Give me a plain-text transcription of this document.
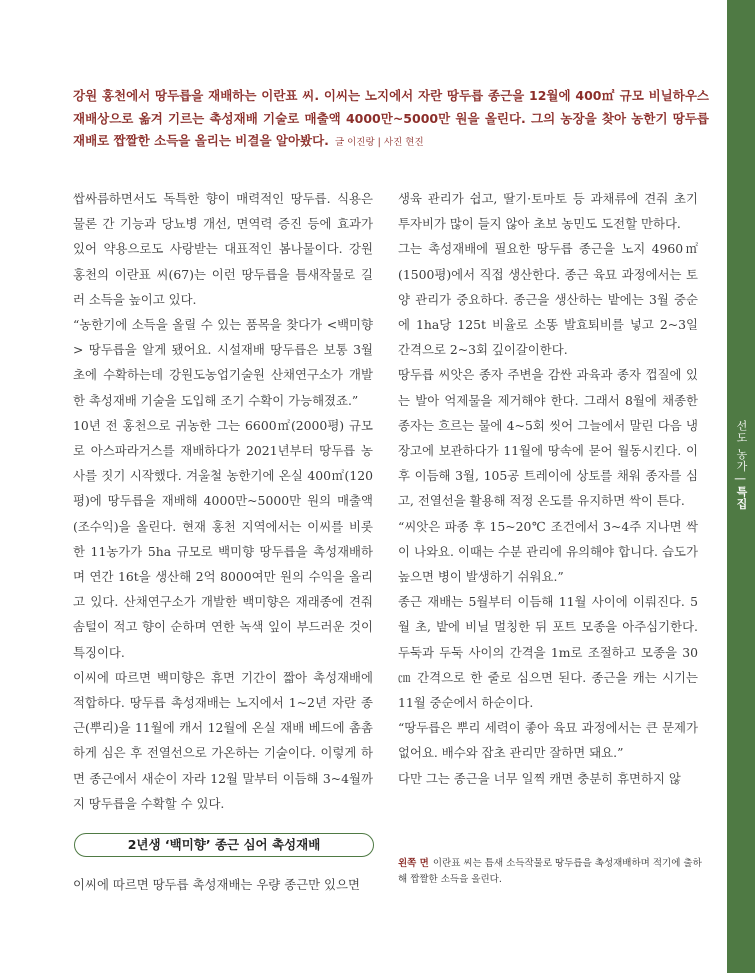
선도 농가

|

특집
강원 홍천에서 땅두릅을 재배하는 이란표 씨. 이씨는 노지에서 자란 땅두릅 종근을 12월에 400㎡ 규모 비닐하우스 재배상으로 옮겨 기르는 촉성재배 기술로 매출액 4000만~5000만 원을 올린다. 그의 농장을 찾아 농한기 땅두릅 재배로 짭짤한 소득을 올리는 비결을 알아봤다. 글 이진랑 | 사진 현진

쌉싸름하면서도 독특한 향이 매력적인 땅두릅. 식용은 물론 간 기능과 당뇨병 개선, 면역력 증진 등에 효과가 있어 약용으로도 사랑받는 대표적인 봄나물이다. 강원 홍천의 이란표 씨(67)는 이런 땅두릅을 틈새작물로 길러 소득을 높이고 있다.

“농한기에 소득을 올릴 수 있는 품목을 찾다가 <백미향> 땅두릅을 알게 됐어요. 시설재배 땅두릅은 보통 3월 초에 수확하는데 강원도농업기술원 산채연구소가 개발한 촉성재배 기술을 도입해 조기 수확이 가능해졌죠.”

10년 전 홍천으로 귀농한 그는 6600㎡(2000평) 규모로 아스파라거스를 재배하다가 2021년부터 땅두릅 농사를 짓기 시작했다. 겨울철 농한기에 온실 400㎡(120평)에 땅두릅을 재배해 4000만~5000만 원의 매출액(조수익)을 올린다. 현재 홍천 지역에서는 이씨를 비롯한 11농가가 5ha 규모로 백미향 땅두릅을 촉성재배하며 연간 16t을 생산해 2억 8000여만 원의 수익을 올리고 있다. 산채연구소가 개발한 백미향은 재래종에 견줘 솜털이 적고 향이 순하며 연한 녹색 잎이 부드러운 것이 특징이다.

이씨에 따르면 백미향은 휴면 기간이 짧아 촉성재배에 적합하다. 땅두릅 촉성재배는 노지에서 1~2년 자란 종근(뿌리)을 11월에 캐서 12월에 온실 재배 베드에 촘촘하게 심은 후 전열선으로 가온하는 기술이다. 이렇게 하면 종근에서 새순이 자라 12월 말부터 이듬해 3~4월까지 땅두릅을 수확할 수 있다.

2년생 ‘백미향’ 종근 심어 촉성재배
이씨에 따르면 땅두릅 촉성재배는 우량 종근만 있으면

생육 관리가 쉽고, 딸기·토마토 등 과채류에 견줘 초기 투자비가 많이 들지 않아 초보 농민도 도전할 만하다.

그는 촉성재배에 필요한 땅두릅 종근을 노지 4960㎡(1500평)에서 직접 생산한다. 종근 육묘 과정에서는 토양 관리가 중요하다. 종근을 생산하는 밭에는 3월 중순에 1ha당 125t 비율로 소똥 발효퇴비를 넣고 2~3일 간격으로 2~3회 깊이갈이한다.

땅두릅 씨앗은 종자 주변을 감싼 과육과 종자 껍질에 있는 발아 억제물을 제거해야 한다. 그래서 8월에 채종한 종자는 흐르는 물에 4~5회 씻어 그늘에서 말린 다음 냉장고에 보관하다가 11월에 땅속에 묻어 월동시킨다. 이후 이듬해 3월, 105공 트레이에 상토를 채워 종자를 심고, 전열선을 활용해 적정 온도를 유지하면 싹이 튼다.

“씨앗은 파종 후 15~20℃ 조건에서 3~4주 지나면 싹이 나와요. 이때는 수분 관리에 유의해야 합니다. 습도가 높으면 병이 발생하기 쉬워요.”

종근 재배는 5월부터 이듬해 11월 사이에 이뤄진다. 5월 초, 밭에 비닐 멀칭한 뒤 포트 모종을 아주심기한다. 두둑과 두둑 사이의 간격을 1m로 조절하고 모종을 30㎝ 간격으로 한 줄로 심으면 된다. 종근을 캐는 시기는 11월 중순에서 하순이다.

“땅두릅은 뿌리 세력이 좋아 육묘 과정에서는 큰 문제가 없어요. 배수와 잡초 관리만 잘하면 돼요.”

다만 그는 종근을 너무 일찍 캐면 충분히 휴면하지 않

왼쪽 면 이란표 씨는 틈새 소득작물로 땅두릅을 촉성재배하며 적기에 출하해 짭짤한 소득을 올린다.
